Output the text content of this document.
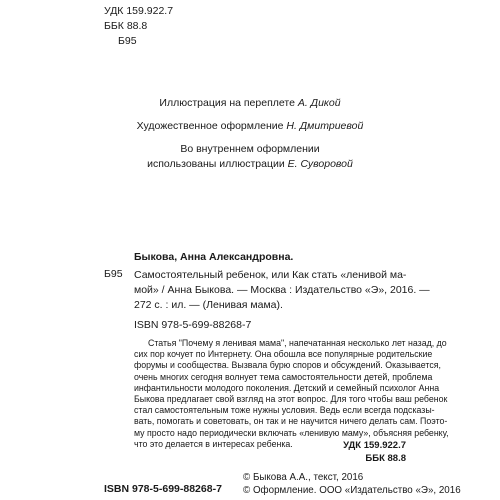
УДК 159.922.7
ББК 88.8
Б95
Иллюстрация на переплете А. Дикой
Художественное оформление Н. Дмитриевой
Во внутреннем оформлении
использованы иллюстрации Е. Суворовой
Быкова, Анна Александровна.
Б95 Самостоятельный ребенок, или Как стать «ленивой ма-
мой» / Анна Быкова. — Москва : Издательство «Э», 2016. —
272 с. : ил. — (Ленивая мама).
ISBN 978-5-699-88268-7
Статья "Почему я ленивая мама", напечатанная несколько лет назад, до
сих пор кочует по Интернету. Она обошла все популярные родительские
форумы и сообщества. Вызвала бурю споров и обсуждений. Оказывается,
очень многих сегодня волнует тема самостоятельности детей, проблема
инфантильности молодого поколения. Детский и семейный психолог Анна
Быкова предлагает свой взгляд на этот вопрос. Для того чтобы ваш ребенок
стал самостоятельным тоже нужны условия. Ведь если всегда подсказы-
вать, помогать и советовать, он так и не научится ничего делать сам. Поэто-
му просто надо периодически включать «ленивую маму», объясняя ребенку,
что это делается в интересах ребенка.	УДК 159.922.7
ББК 88.8
ISBN 978-5-699-88268-7
© Быкова А.А., текст, 2016
© Оформление. ООО «Издательство «Э», 2016
